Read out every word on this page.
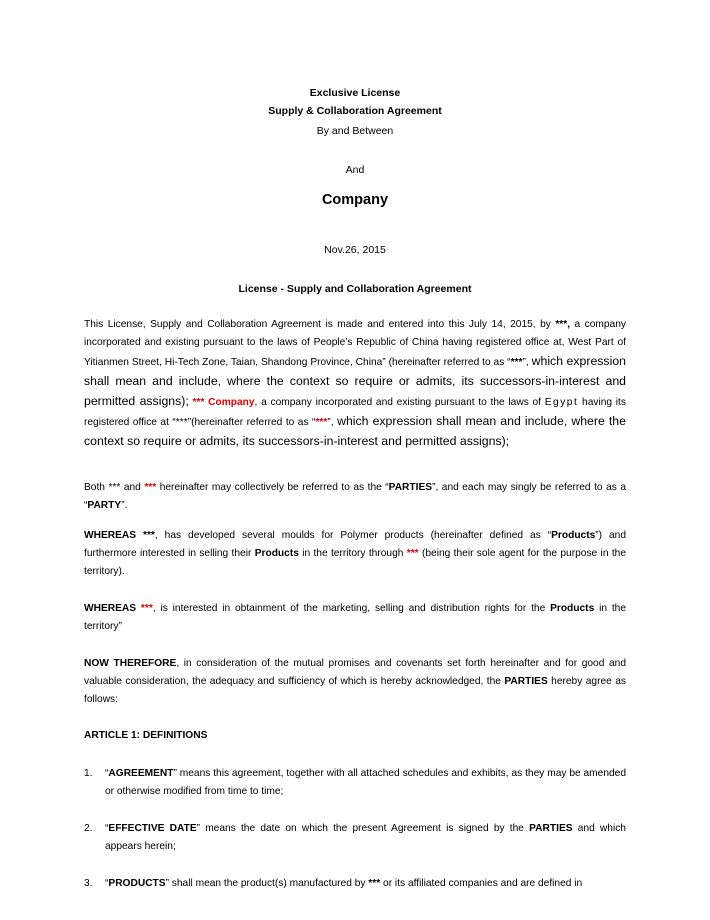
Exclusive License
Supply & Collaboration Agreement
By and Between
And
Company
Nov.26, 2015
License - Supply and Collaboration Agreement
This License, Supply and Collaboration Agreement is made and entered into this July 14, 2015, by ***, a company incorporated and existing pursuant to the laws of People’s Republic of China having registered office at, West Part of Yitianmen Street, Hi-Tech Zone, Taian, Shandong Province, China” (hereinafter referred to as “***”, which expression shall mean and include, where the context so require or admits, its successors-in-interest and permitted assigns); *** Company, a company incorporated and existing pursuant to the laws of Egypt having its registered office at “***”(hereinafter referred to as “***”, which expression shall mean and include, where the context so require or admits, its successors-in-interest and permitted assigns);
Both *** and *** hereinafter may collectively be referred to as the “PARTIES”, and each may singly be referred to as a “PARTY”.
WHEREAS ***, has developed several moulds for Polymer products (hereinafter defined as “Products”) and furthermore interested in selling their Products in the territory through *** (being their sole agent for the purpose in the territory).
WHEREAS ***, is interested in obtainment of the marketing, selling and distribution rights for the Products in the territory”
NOW THEREFORE, in consideration of the mutual promises and covenants set forth hereinafter and for good and valuable consideration, the adequacy and sufficiency of which is hereby acknowledged, the PARTIES hereby agree as follows:
ARTICLE 1: DEFINITIONS
1. “AGREEMENT” means this agreement, together with all attached schedules and exhibits, as they may be amended or otherwise modified from time to time;
2. “EFFECTIVE DATE” means the date on which the present Agreement is signed by the PARTIES and which appears herein;
3. “PRODUCTS” shall mean the product(s) manufactured by *** or its affiliated companies and are defined in
